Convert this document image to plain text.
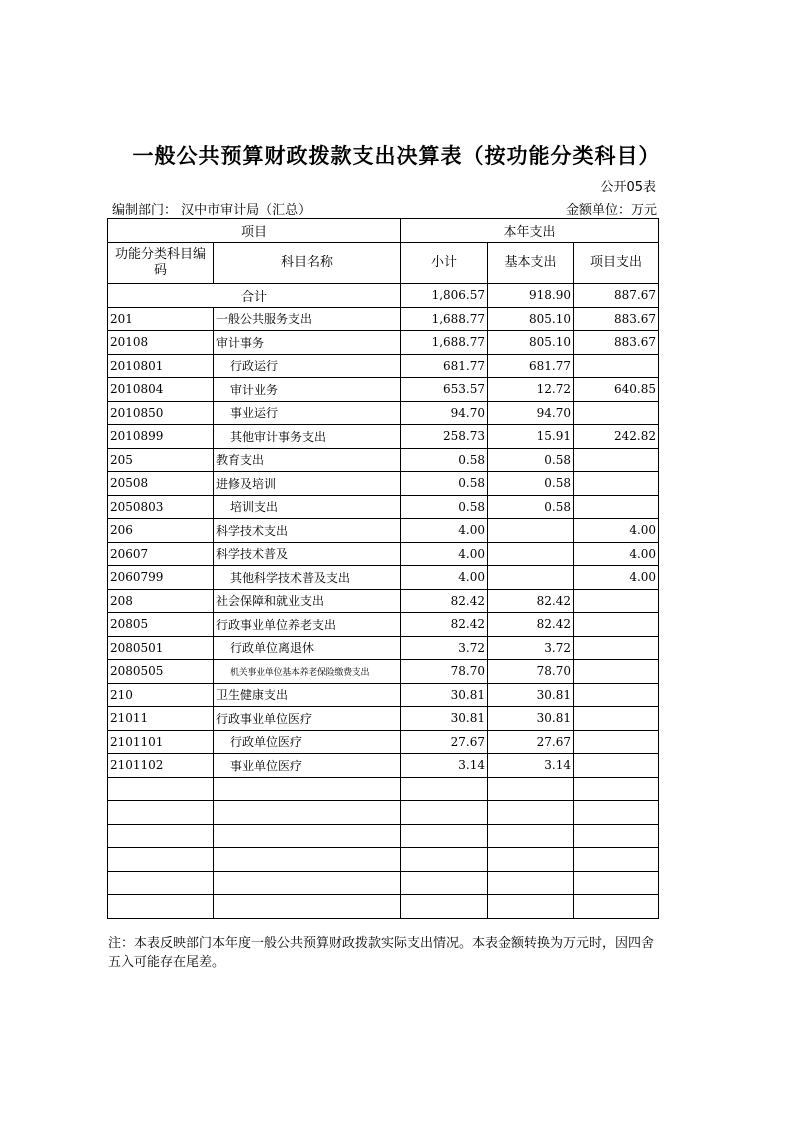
一般公共预算财政拨款支出决算表（按功能分类科目）
公开05表
编制部门： 汉中市审计局（汇总）	金额单位：万元
项目		本年支出		
功能分类科目编码	科目名称	小计	基本支出	项目支出
合计		1,806.57	918.90	887.67
201	一般公共服务支出	1,688.77	805.10	883.67
20108	审计事务	1,688.77	805.10	883.67
2010801	行政运行	681.77	681.77	
2010804	审计业务	653.57	12.72	640.85
2010850	事业运行	94.70	94.70	
2010899	其他审计事务支出	258.73	15.91	242.82
205	教育支出	0.58	0.58	
20508	进修及培训	0.58	0.58	
2050803	培训支出	0.58	0.58	
206	科学技术支出	4.00		4.00
20607	科学技术普及	4.00		4.00
2060799	其他科学技术普及支出	4.00		4.00
208	社会保障和就业支出	82.42	82.42	
20805	行政事业单位养老支出	82.42	82.42	
2080501	行政单位离退休	3.72	3.72	
2080505	机关事业单位基本养老保险缴费支出	78.70	78.70	
210	卫生健康支出	30.81	30.81	
21011	行政事业单位医疗	30.81	30.81	
2101101	行政单位医疗	27.67	27.67	
2101102	事业单位医疗	3.14	3.14	

注：本表反映部门本年度一般公共预算财政拨款实际支出情况。本表金额转换为万元时，因四舍五入可能存在尾差。
